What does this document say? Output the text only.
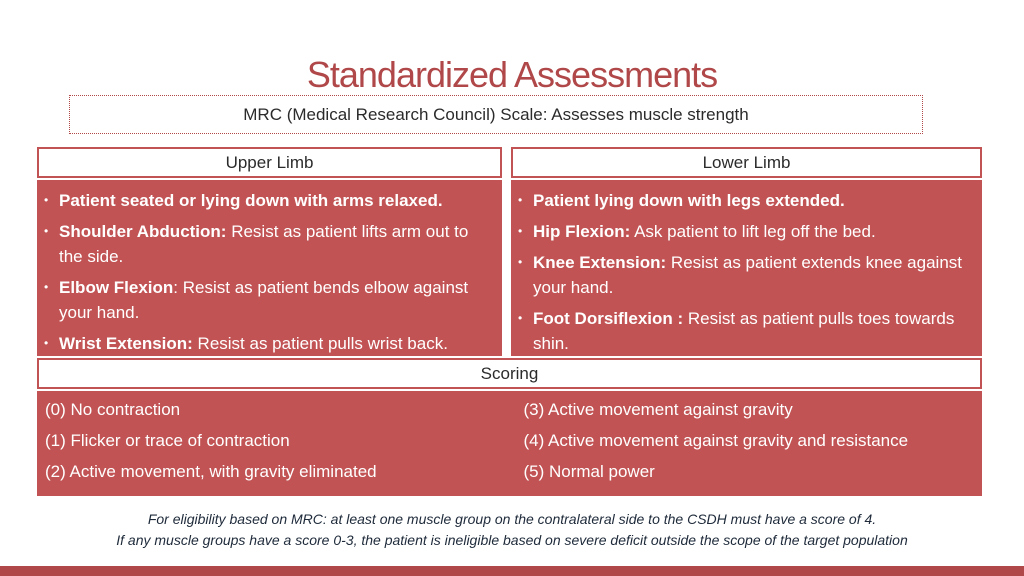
Standardized Assessments
MRC (Medical Research Council) Scale: Assesses muscle strength
Upper Limb
• Patient seated or lying down with arms relaxed.
• Shoulder Abduction: Resist as patient lifts arm out to the side.
• Elbow Flexion: Resist as patient bends elbow against your hand.
• Wrist Extension: Resist as patient pulls wrist back.
Lower Limb
• Patient lying down with legs extended.
• Hip Flexion: Ask patient to lift leg off the bed.
• Knee Extension: Resist as patient extends knee against your hand.
• Foot Dorsiflexion : Resist as patient pulls toes towards shin.
Scoring
(0) No contraction
(1) Flicker or trace of contraction
(2) Active movement, with gravity eliminated
(3) Active movement against gravity
(4) Active movement against gravity and resistance
(5) Normal power
For eligibility based on MRC: at least one muscle group on the contralateral side to the CSDH must have a score of 4.
If any muscle groups have a score 0-3, the patient is ineligible based on severe deficit outside the scope of the target population
